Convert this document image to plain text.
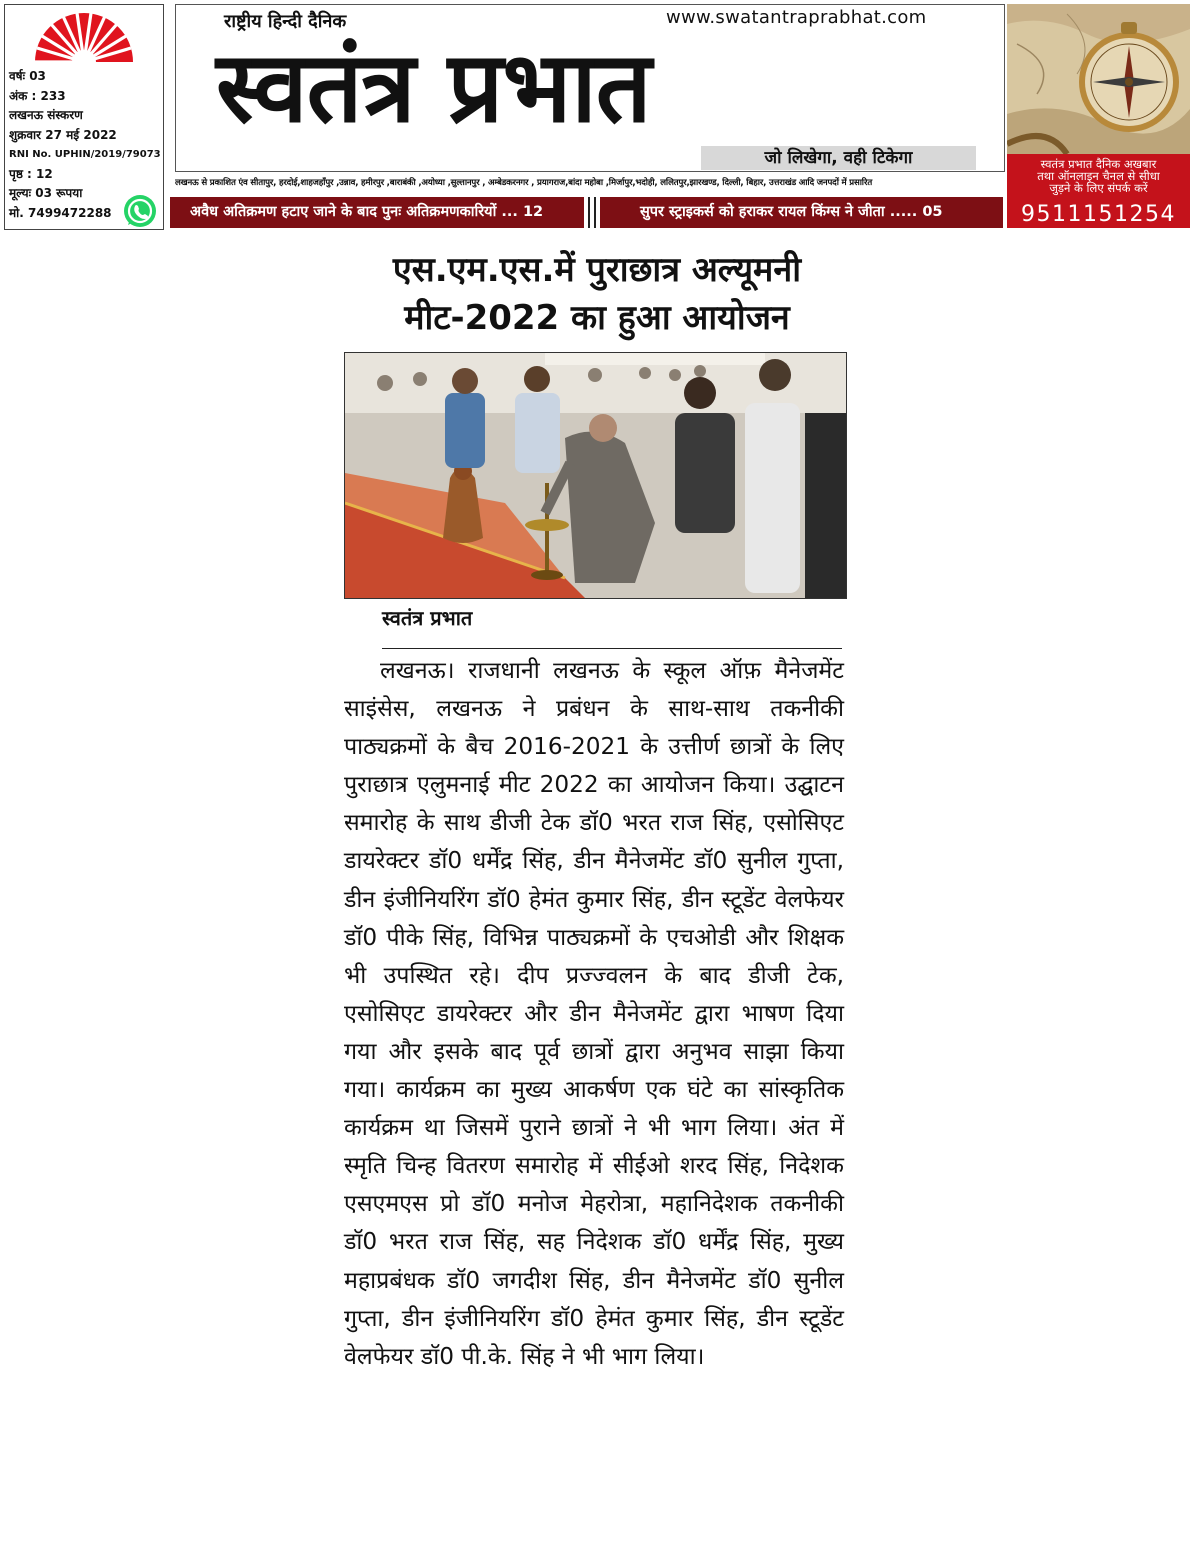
वर्षः 03
अंक : 233
लखनऊ संस्करण
शुक्रवार 27 मई 2022
RNI No. UPHIN/2019/79073
पृष्ठ : 12
मूल्यः 03 रूपया
मो. 7499472288
राष्ट्रीय हिन्दी दैनिक	www.swatantraprabhat.com
स्वतंत्र प्रभात
जो लिखेगा, वही टिकेगा
लखनऊ से प्रकाशित एंव सीतापुर, हरदोई,शाहजहाँपुर ,उन्नाव, हमीरपुर ,बाराबंकी ,अयोध्या ,सुल्तानपुर , अम्बेडकरनगर , प्रयागराज,बांदा महोबा ,मिर्जापुर,भदोही, ललितपुर,झारखण्ड, दिल्ली, बिहार, उत्तराखंड आदि जनपदों में प्रसारित
अवैध अतिक्रमण हटाए जाने के बाद पुनः अतिक्रमणकारियों ... 12	सुपर स्ट्राइकर्स को हराकर रायल किंग्स ने जीता ..... 05
स्वतंत्र प्रभात दैनिक अखबार
तथा ऑनलाइन चैनल से सीधा
जुड़ने के लिए संपर्क करें
9511151254
एस.एम.एस.में पुराछात्र अल्यूमनी
मीट-2022 का हुआ आयोजन
स्वतंत्र प्रभात
लखनऊ। राजधानी लखनऊ के स्कूल ऑफ़ मैनेजमेंट साइंसेस, लखनऊ ने प्रबंधन के साथ-साथ तकनीकी पाठ्यक्रमों के बैच 2016-2021 के उत्तीर्ण छात्रों के लिए पुराछात्र एलुमनाई मीट 2022 का आयोजन किया। उद्घाटन समारोह के साथ डीजी टेक डॉ0 भरत राज सिंह, एसोसिएट डायरेक्टर डॉ0 धर्मेंद्र सिंह, डीन मैनेजमेंट डॉ0 सुनील गुप्ता, डीन इंजीनियरिंग डॉ0 हेमंत कुमार सिंह, डीन स्टूडेंट वेलफेयर डॉ0 पीके सिंह, विभिन्न पाठ्यक्रमों के एचओडी और शिक्षक भी उपस्थित रहे। दीप प्रज्ज्वलन के बाद डीजी टेक, एसोसिएट डायरेक्टर और डीन मैनेजमेंट द्वारा भाषण दिया गया और इसके बाद पूर्व छात्रों द्वारा अनुभव साझा किया गया। कार्यक्रम का मुख्य आकर्षण एक घंटे का सांस्कृतिक कार्यक्रम था जिसमें पुराने छात्रों ने भी भाग लिया। अंत में स्मृति चिन्ह वितरण समारोह में सीईओ शरद सिंह, निदेशक एसएमएस प्रो डॉ0 मनोज मेहरोत्रा, महानिदेशक तकनीकी डॉ0 भरत राज सिंह, सह निदेशक डॉ0 धर्मेंद्र सिंह, मुख्य महाप्रबंधक डॉ0 जगदीश सिंह, डीन मैनेजमेंट डॉ0 सुनील गुप्ता, डीन इंजीनियरिंग डॉ0 हेमंत कुमार सिंह, डीन स्टूडेंट वेलफेयर डॉ0 पी.के. सिंह ने भी भाग लिया।
